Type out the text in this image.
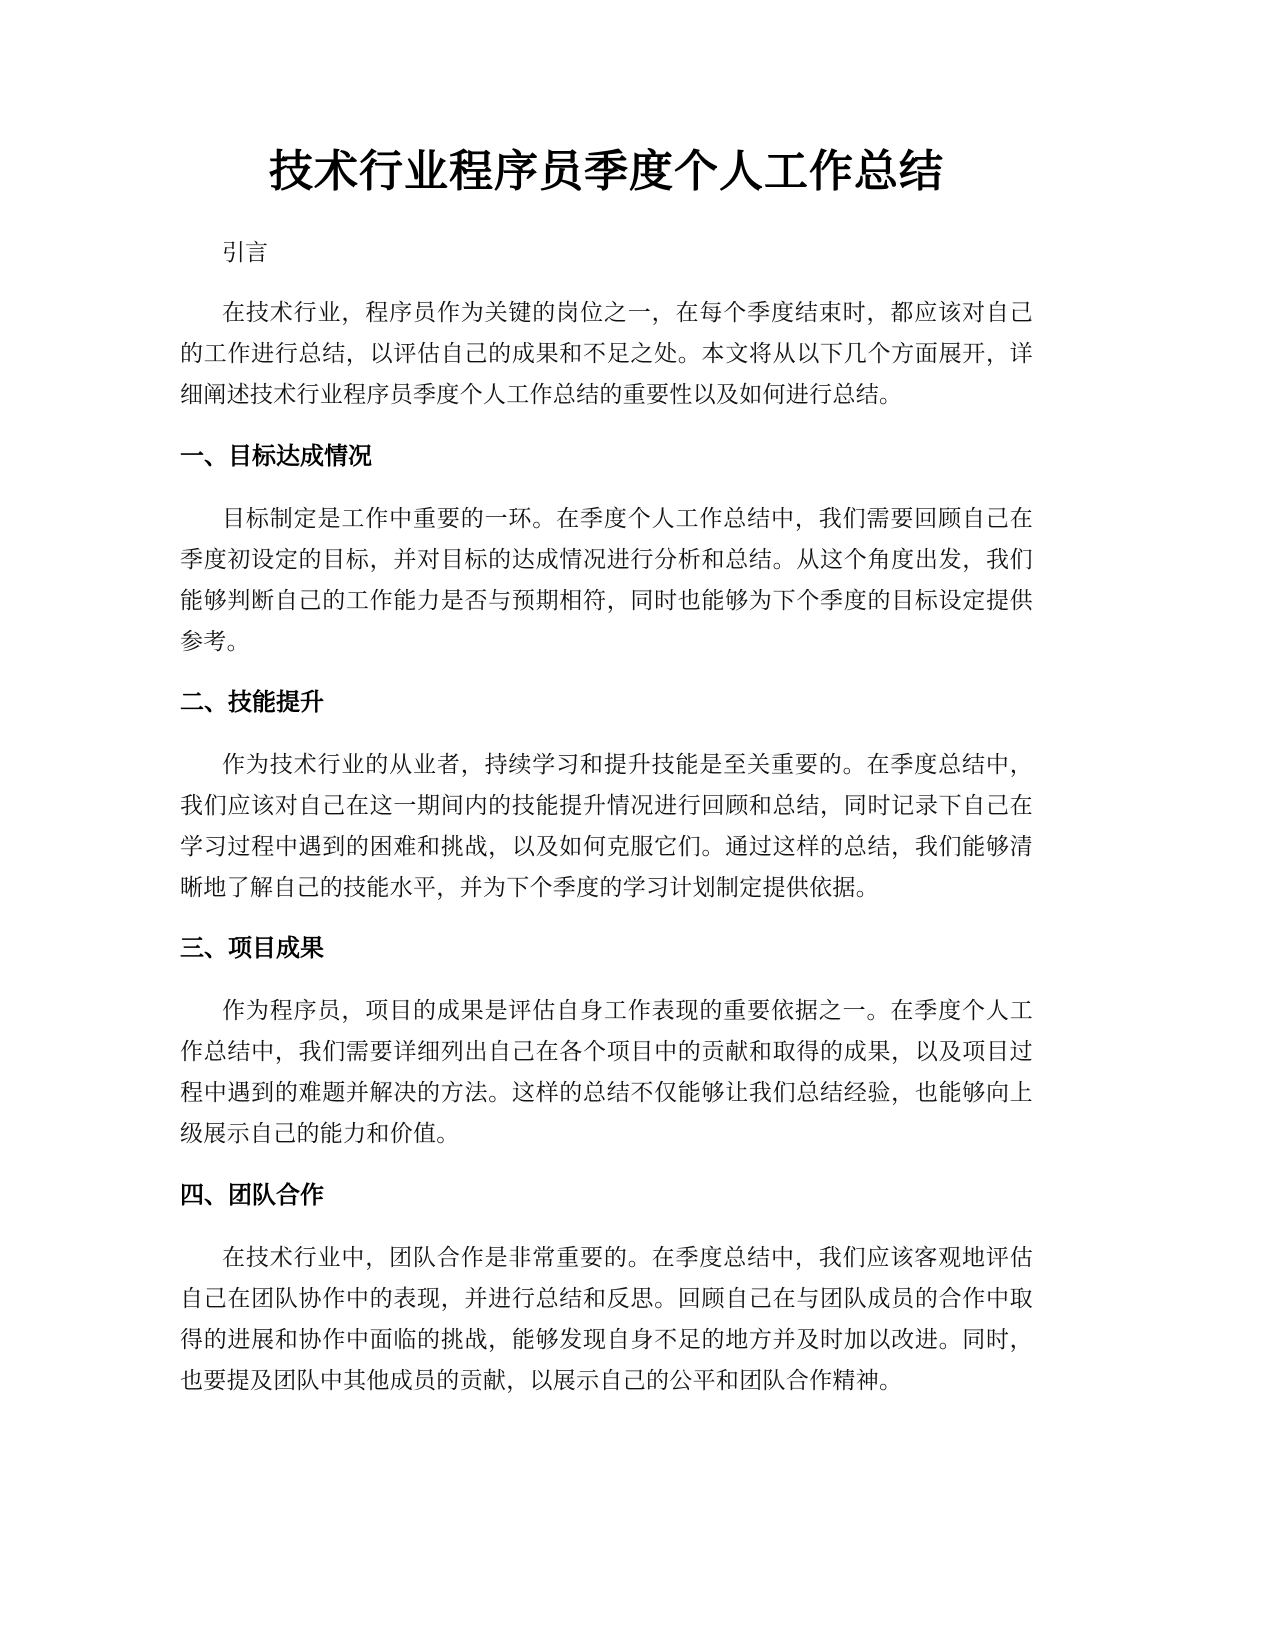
技术行业程序员季度个人工作总结

引言

在技术行业，程序员作为关键的岗位之一，在每个季度结束时，都应该对自己的工作进行总结，以评估自己的成果和不足之处。本文将从以下几个方面展开，详细阐述技术行业程序员季度个人工作总结的重要性以及如何进行总结。

一、目标达成情况

目标制定是工作中重要的一环。在季度个人工作总结中，我们需要回顾自己在季度初设定的目标，并对目标的达成情况进行分析和总结。从这个角度出发，我们能够判断自己的工作能力是否与预期相符，同时也能够为下个季度的目标设定提供参考。

二、技能提升

作为技术行业的从业者，持续学习和提升技能是至关重要的。在季度总结中，我们应该对自己在这一期间内的技能提升情况进行回顾和总结，同时记录下自己在学习过程中遇到的困难和挑战，以及如何克服它们。通过这样的总结，我们能够清晰地了解自己的技能水平，并为下个季度的学习计划制定提供依据。

三、项目成果

作为程序员，项目的成果是评估自身工作表现的重要依据之一。在季度个人工作总结中，我们需要详细列出自己在各个项目中的贡献和取得的成果，以及项目过程中遇到的难题并解决的方法。这样的总结不仅能够让我们总结经验，也能够向上级展示自己的能力和价值。

四、团队合作

在技术行业中，团队合作是非常重要的。在季度总结中，我们应该客观地评估自己在团队协作中的表现，并进行总结和反思。回顾自己在与团队成员的合作中取得的进展和协作中面临的挑战，能够发现自身不足的地方并及时加以改进。同时，也要提及团队中其他成员的贡献，以展示自己的公平和团队合作精神。
